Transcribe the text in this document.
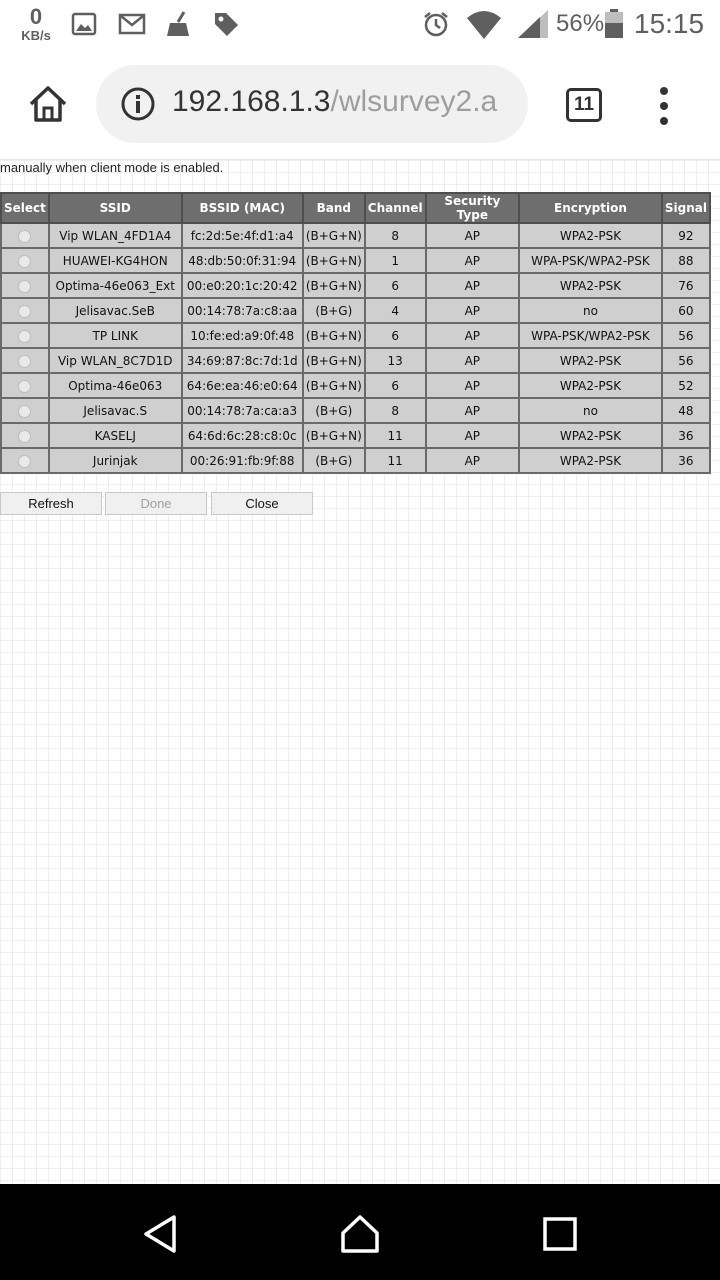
0
KB/s	56% 15:15
192.168.1.3/wlsurvey2.a	11
manually when client mode is enabled.
Select	SSID	BSSID (MAC)	Band	Channel	Security Type	Encryption	Signal
	Vip WLAN_4FD1A4	fc:2d:5e:4f:d1:a4	(B+G+N)	8	AP	WPA2-PSK	92
	HUAWEI-KG4HON	48:db:50:0f:31:94	(B+G+N)	1	AP	WPA-PSK/WPA2-PSK	88
	Optima-46e063_Ext	00:e0:20:1c:20:42	(B+G+N)	6	AP	WPA2-PSK	76
	Jelisavac.SeB	00:14:78:7a:c8:aa	(B+G)	4	AP	no	60
	TP LINK	10:fe:ed:a9:0f:48	(B+G+N)	6	AP	WPA-PSK/WPA2-PSK	56
	Vip WLAN_8C7D1D	34:69:87:8c:7d:1d	(B+G+N)	13	AP	WPA2-PSK	56
	Optima-46e063	64:6e:ea:46:e0:64	(B+G+N)	6	AP	WPA2-PSK	52
	Jelisavac.S	00:14:78:7a:ca:a3	(B+G)	8	AP	no	48
	KASELJ	64:6d:6c:28:c8:0c	(B+G+N)	11	AP	WPA2-PSK	36
	Jurinjak	00:26:91:fb:9f:88	(B+G)	11	AP	WPA2-PSK	36
Refresh	Done	Close
